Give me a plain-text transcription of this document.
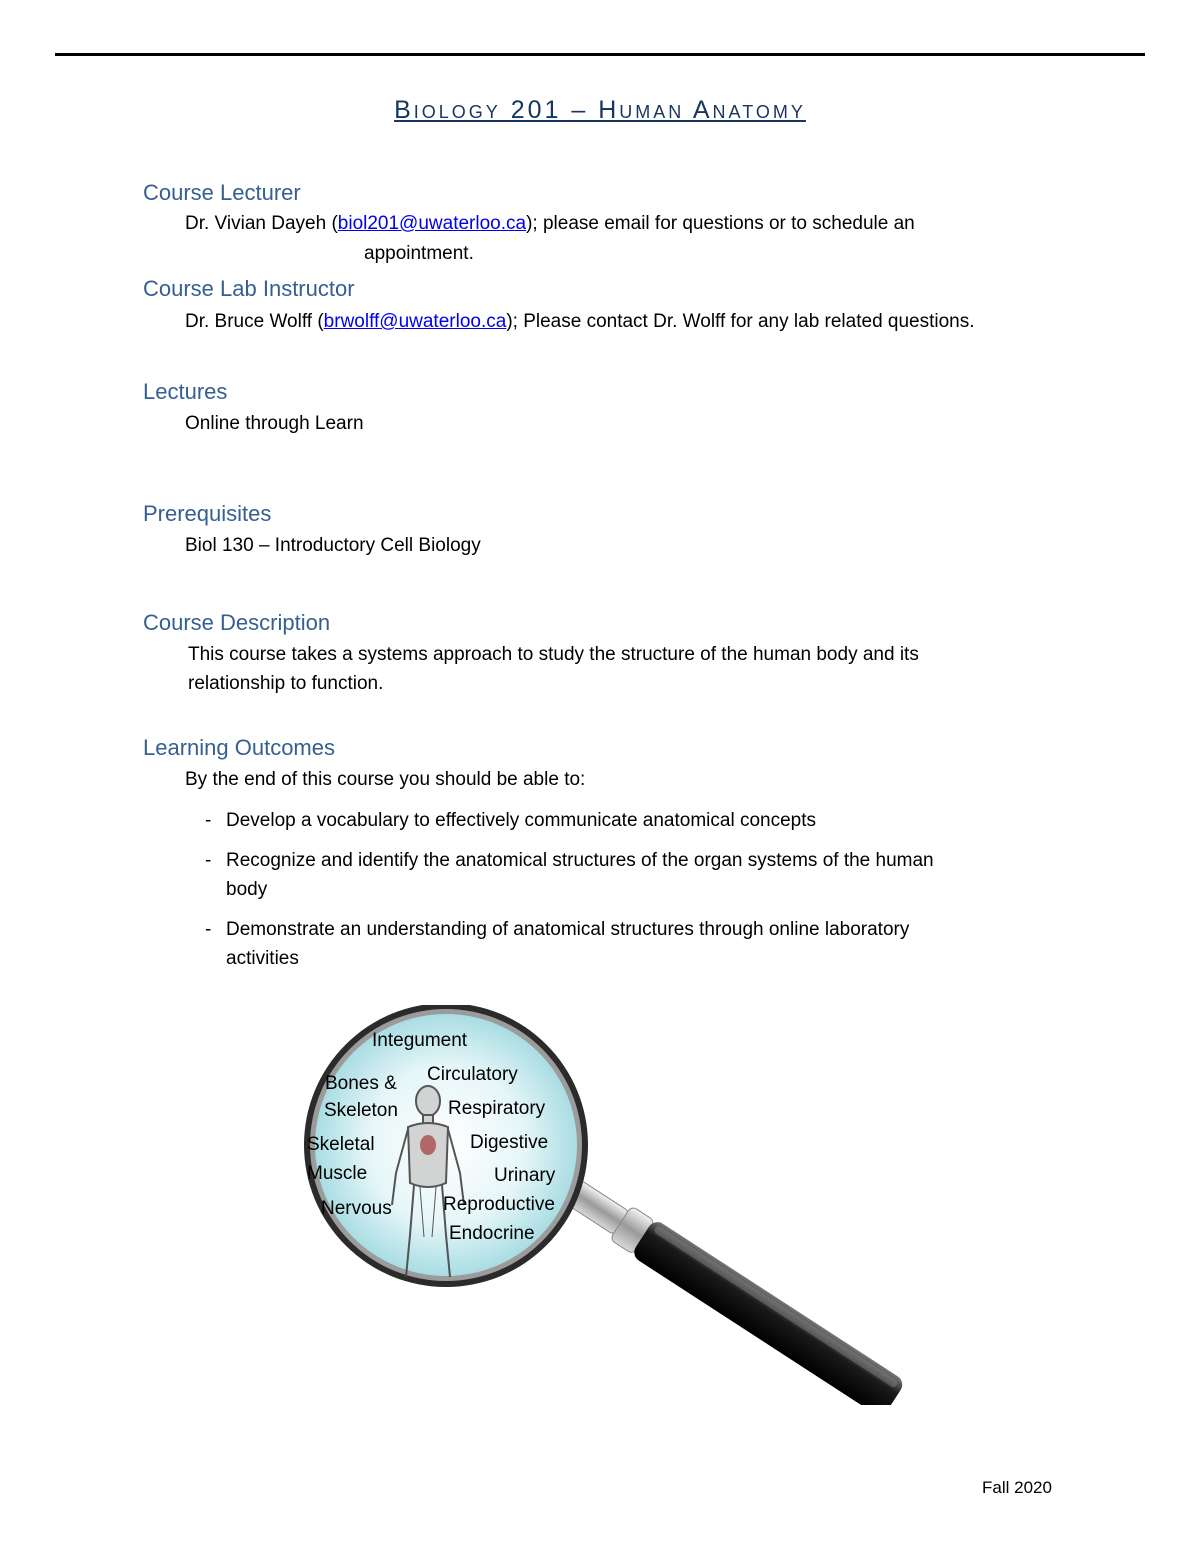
Biology 201 – Human Anatomy
Course Lecturer
Dr. Vivian Dayeh (biol201@uwaterloo.ca); please email for questions or to schedule an
appointment.
Course Lab Instructor
Dr. Bruce Wolff (brwolff@uwaterloo.ca); Please contact Dr. Wolff for any lab related questions.
Lectures
Online through Learn
Prerequisites
Biol 130 – Introductory Cell Biology
Course Description
This course takes a systems approach to study the structure of the human body and its
relationship to function.
Learning Outcomes
By the end of this course you should be able to:
- Develop a vocabulary to effectively communicate anatomical concepts
- Recognize and identify the anatomical structures of the organ systems of the human
body
- Demonstrate an understanding of anatomical structures through online laboratory
activities
Integument
Bones &
Skeleton
Circulatory
Respiratory
Skeletal
Muscle
Digestive
Urinary
Nervous	Reproductive
Endocrine
Fall 2020
